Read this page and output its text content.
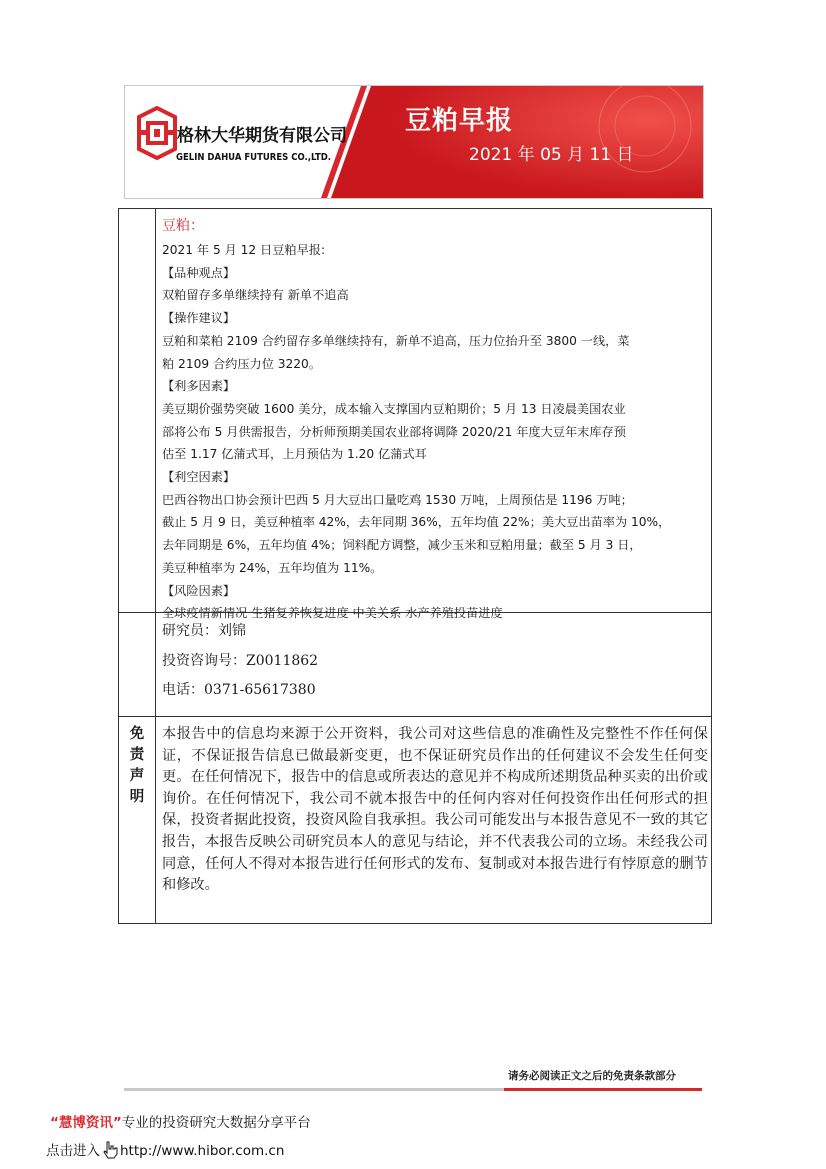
格林大华期货有限公司
GELIN DAHUA FUTURES CO.,LTD.
豆粕早报
2021 年 05 月 11 日
豆粕：

2021 年 5 月 12 日豆粕早报:

【品种观点】

双粕留存多单继续持有 新单不追高

【操作建议】

豆粕和菜粕 2109 合约留存多单继续持有，新单不追高，压力位抬升至 3800 一线，菜

粕 2109 合约压力位 3220。

【利多因素】

美豆期价强势突破 1600 美分，成本输入支撑国内豆粕期价；5 月 13 日凌晨美国农业

部将公布 5 月供需报告，分析师预期美国农业部将调降 2020/21 年度大豆年末库存预

估至 1.17 亿蒲式耳，上月预估为 1.20 亿蒲式耳

【利空因素】

巴西谷物出口协会预计巴西 5 月大豆出口量吃鸡 1530 万吨，上周预估是 1196 万吨；

截止 5 月 9 日，美豆种植率 42%，去年同期 36%，五年均值 22%；美大豆出苗率为 10%，

去年同期是 6%，五年均值 4%；饲料配方调整，减少玉米和豆粕用量；截至 5 月 3 日，

美豆种植率为 24%，五年均值为 11%。

【风险因素】

全球疫情新情况 生猪复养恢复进度 中美关系 水产养殖投苗进度

研究员：刘锦

投资咨询号：Z0011862

电话：0371-65617380

免
责
声
明
本报告中的信息均来源于公开资料，我公司对这些信息的准确性及完整性不作任何保证，不保证报告信息已做最新变更，也不保证研究员作出的任何建议不会发生任何变更。在任何情况下，报告中的信息或所表达的意见并不构成所述期货品种买卖的出价或询价。在任何情况下，我公司不就本报告中的任何内容对任何投资作出任何形式的担保，投资者据此投资，投资风险自我承担。我公司可能发出与本报告意见不一致的其它报告，本报告反映公司研究员本人的意见与结论，并不代表我公司的立场。未经我公司同意，任何人不得对本报告进行任何形式的发布、复制或对本报告进行有悖原意的删节和修改。
请务必阅读正文之后的免责条款部分
“慧博资讯”专业的投资研究大数据分享平台
点击进入 http://www.hibor.com.cn
